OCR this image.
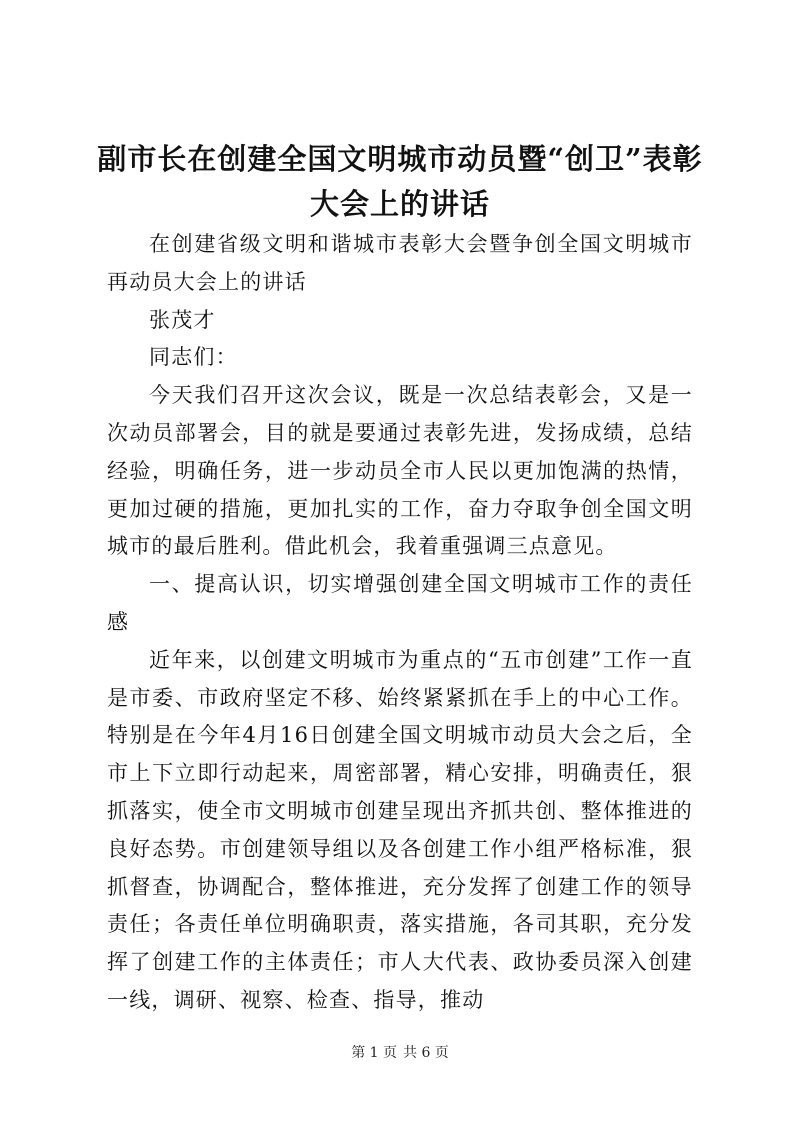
副市长在创建全国文明城市动员暨“创卫”表彰大会上的讲话

在创建省级文明和谐城市表彰大会暨争创全国文明城市再动员大会上的讲话

张茂才

同志们：

今天我们召开这次会议，既是一次总结表彰会，又是一次动员部署会，目的就是要通过表彰先进，发扬成绩，总结经验，明确任务，进一步动员全市人民以更加饱满的热情，更加过硬的措施，更加扎实的工作，奋力夺取争创全国文明城市的最后胜利。借此机会，我着重强调三点意见。

一、提高认识，切实增强创建全国文明城市工作的责任感

近年来，以创建文明城市为重点的“五市创建”工作一直是市委、市政府坚定不移、始终紧紧抓在手上的中心工作。特别是在今年4月16日创建全国文明城市动员大会之后，全市上下立即行动起来，周密部署，精心安排，明确责任，狠抓落实，使全市文明城市创建呈现出齐抓共创、整体推进的良好态势。市创建领导组以及各创建工作小组严格标准，狠抓督查，协调配合，整体推进，充分发挥了创建工作的领导责任；各责任单位明确职责，落实措施，各司其职，充分发挥了创建工作的主体责任；市人大代表、政协委员深入创建一线，调研、视察、检查、指导，推动

第 1 页 共 6 页
